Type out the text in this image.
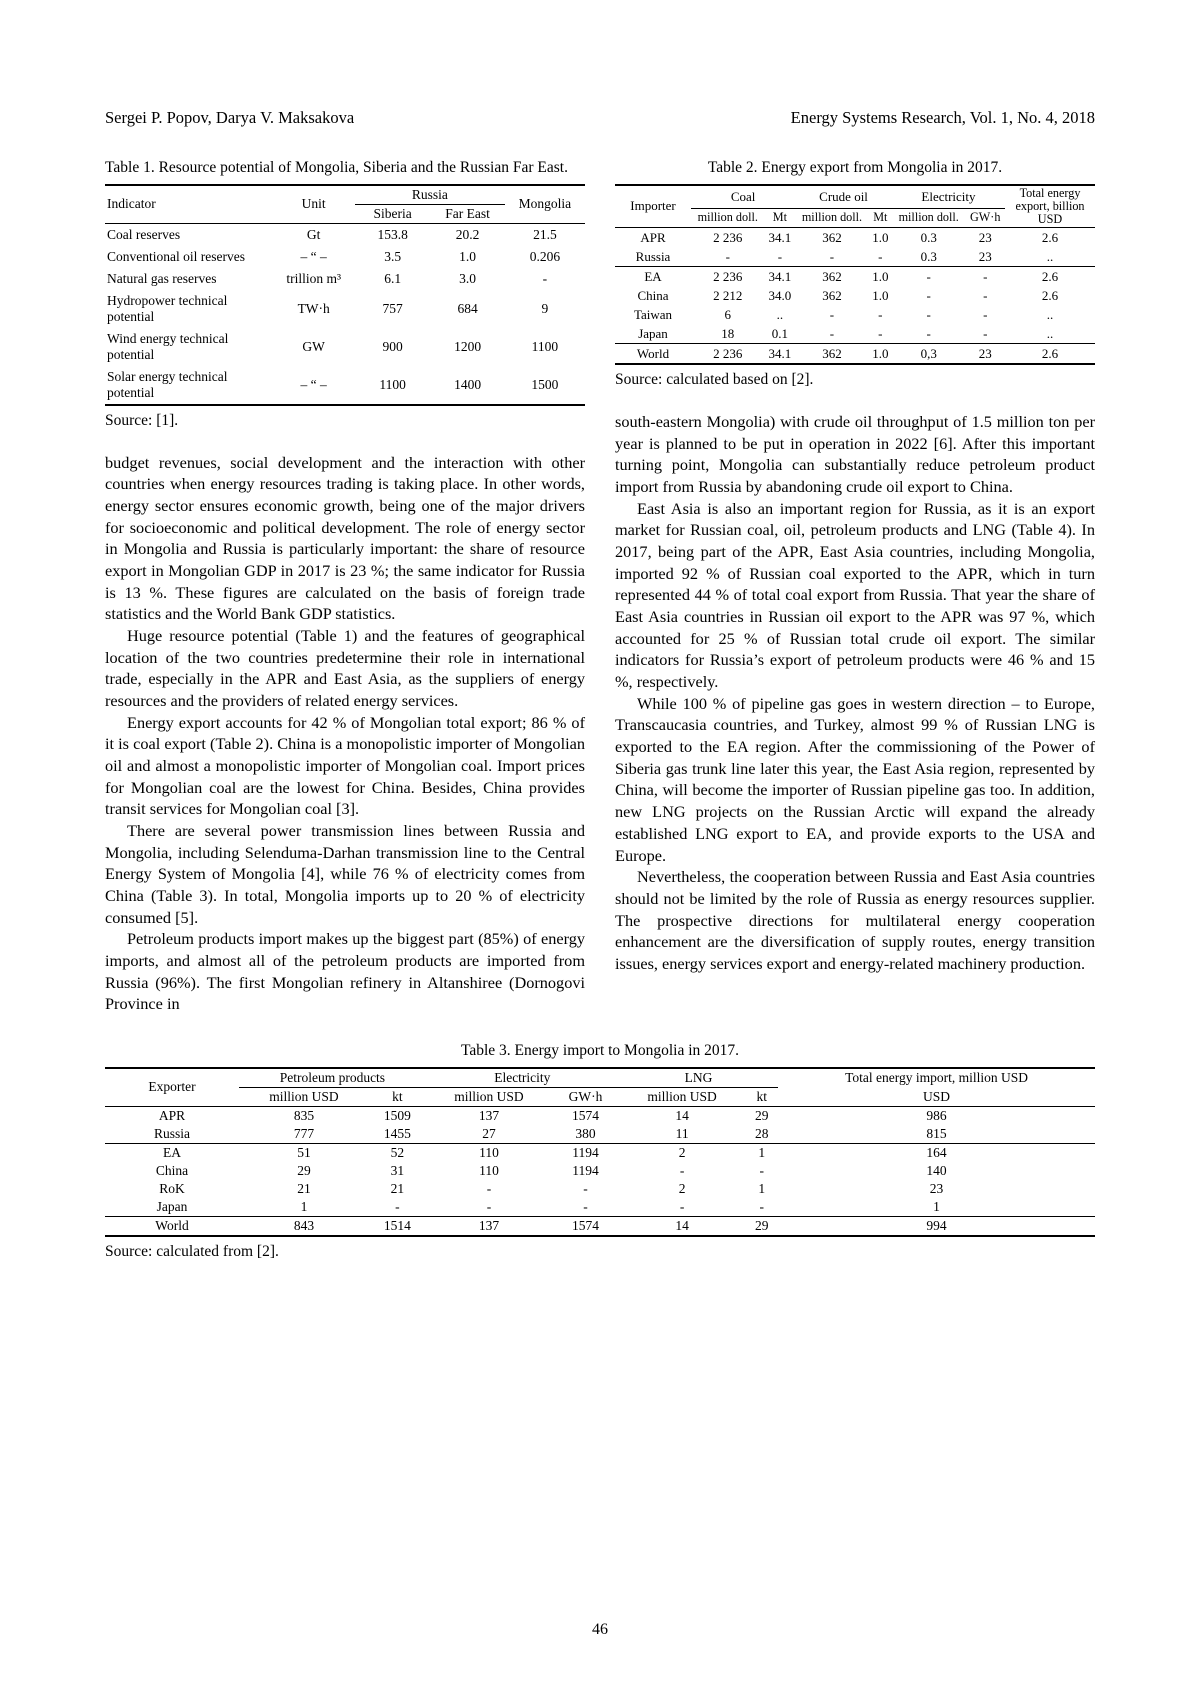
Sergei P. Popov, Darya V. Maksakova	Energy Systems Research, Vol. 1, No. 4, 2018
Table 1. Resource potential of Mongolia, Siberia and the Russian Far East.
Indicator	Unit	Russia		Mongolia
		Siberia	Far East	
Coal reserves	Gt	153.8	20.2	21.5
Conventional oil reserves	– “ –	3.5	1.0	0.206
Natural gas reserves	trillion m³	6.1	3.0	-
Hydropower technical potential	TW·h	757	684	9
Wind energy technical potential	GW	900	1200	1100
Solar energy technical potential	– “ –	1100	1400	1500
Source: [1].

budget revenues, social development and the interaction with other countries when energy resources trading is taking place. In other words, energy sector ensures economic growth, being one of the major drivers for socioeconomic and political development. The role of energy sector in Mongolia and Russia is particularly important: the share of resource export in Mongolian GDP in 2017 is 23 %; the same indicator for Russia is 13 %. These figures are calculated on the basis of foreign trade statistics and the World Bank GDP statistics.

Huge resource potential (Table 1) and the features of geographical location of the two countries predetermine their role in international trade, especially in the APR and East Asia, as the suppliers of energy resources and the providers of related energy services.

Energy export accounts for 42 % of Mongolian total export; 86 % of it is coal export (Table 2). China is a monopolistic importer of Mongolian oil and almost a monopolistic importer of Mongolian coal. Import prices for Mongolian coal are the lowest for China. Besides, China provides transit services for Mongolian coal [3].

There are several power transmission lines between Russia and Mongolia, including Selenduma-Darhan transmission line to the Central Energy System of Mongolia [4], while 76 % of electricity comes from China (Table 3). In total, Mongolia imports up to 20 % of electricity consumed [5].

Petroleum products import makes up the biggest part (85%) of energy imports, and almost all of the petroleum products are imported from Russia (96%). The first Mongolian refinery in Altanshiree (Dornogovi Province in

Table 2. Energy export from Mongolia in 2017.
Importer	Coal		Crude oil		Electricity		Total energy export, billion USD
	million doll.	Mt	million doll.	Mt	million doll.	GW·h	
APR	2 236	34.1	362	1.0	0.3	23	2.6
Russia	-	-	-	-	0.3	23	..
EA	2 236	34.1	362	1.0	-	-	2.6
China	2 212	34.0	362	1.0	-	-	2.6
Taiwan	6	..	-	-	-	-	..
Japan	18	0.1	-	-	-	-	..
World	2 236	34.1	362	1.0	0,3	23	2.6
Source: calculated based on [2].

south-eastern Mongolia) with crude oil throughput of 1.5 million ton per year is planned to be put in operation in 2022 [6]. After this important turning point, Mongolia can substantially reduce petroleum product import from Russia by abandoning crude oil export to China.

East Asia is also an important region for Russia, as it is an export market for Russian coal, oil, petroleum products and LNG (Table 4). In 2017, being part of the APR, East Asia countries, including Mongolia, imported 92 % of Russian coal exported to the APR, which in turn represented 44 % of total coal export from Russia. That year the share of East Asia countries in Russian oil export to the APR was 97 %, which accounted for 25 % of Russian total crude oil export. The similar indicators for Russia’s export of petroleum products were 46 % and 15 %, respectively.

While 100 % of pipeline gas goes in western direction – to Europe, Transcaucasia countries, and Turkey, almost 99 % of Russian LNG is exported to the EA region. After the commissioning of the Power of Siberia gas trunk line later this year, the East Asia region, represented by China, will become the importer of Russian pipeline gas too. In addition, new LNG projects on the Russian Arctic will expand the already established LNG export to EA, and provide exports to the USA and Europe.

Nevertheless, the cooperation between Russia and East Asia countries should not be limited by the role of Russia as energy resources supplier. The prospective directions for multilateral energy cooperation enhancement are the diversification of supply routes, energy transition issues, energy services export and energy-related machinery production.

Table 3. Energy import to Mongolia in 2017.
Exporter	Petroleum products		Electricity		LNG		Total energy import, million USD
	million USD	kt	million USD	GW·h	million USD	kt	USD
APR	835	1509	137	1574	14	29	986
Russia	777	1455	27	380	11	28	815
EA	51	52	110	1194	2	1	164
China	29	31	110	1194	-	-	140
RoK	21	21	-	-	2	1	23
Japan	1	-	-	-	-	-	1
World	843	1514	137	1574	14	29	994
Source: calculated from [2].
46
